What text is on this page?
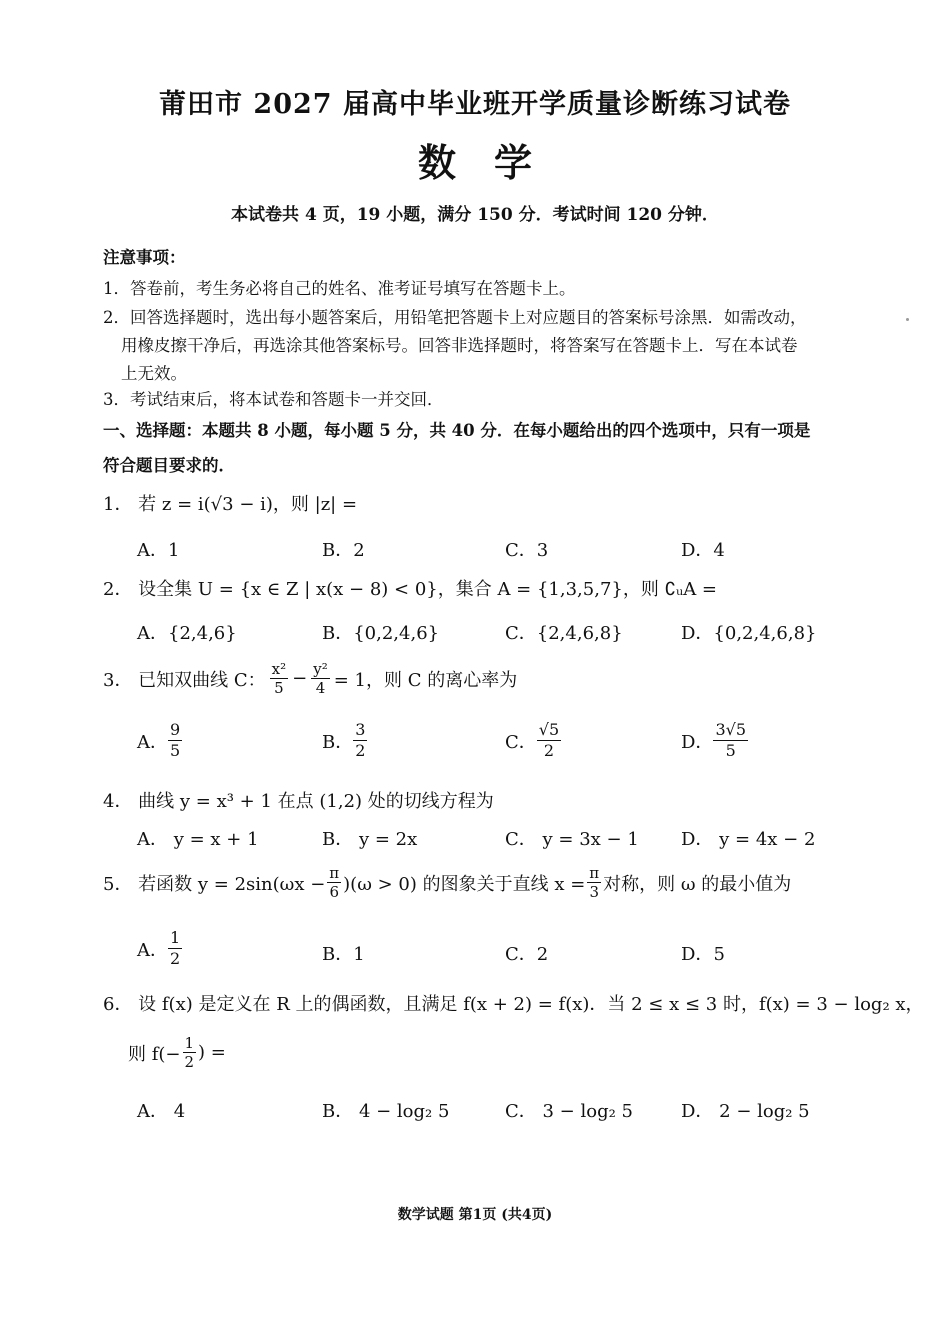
莆田市 2027 届高中毕业班开学质量诊断练习试卷
数学
本试卷共 4 页，19 小题，满分 150 分．考试时间 120 分钟．
注意事项：
1．答卷前，考生务必将自己的姓名、准考证号填写在答题卡上。
2．回答选择题时，选出每小题答案后，用铅笔把答题卡上对应题目的答案标号涂黑．如需改动，
用橡皮擦干净后，再选涂其他答案标号。回答非选择题时，将答案写在答题卡上．写在本试卷
上无效。
3．考试结束后，将本试卷和答题卡一并交回．
一、选择题：本题共 8 小题，每小题 5 分，共 40 分．在每小题给出的四个选项中，只有一项是
符合题目要求的．
1． 若 z = i(√3 − i)，则 |z| =
A．1	B．2	C．3	D．4
2． 设全集 U = {x ∈ Z | x(x − 8) < 0}，集合 A = {1,3,5,7}，则 ∁ᵤA =
A．{2,4,6}	B．{0,2,4,6}	C．{2,4,6,8}	D．{0,2,4,6,8}
3． 已知双曲线 C： $\frac{\text{x²}}{5} - \frac{\text{y²}}{4} = 1$，则 C 的离心率为
A． $\frac{9}{5}$	B． $\frac{3}{2}$	C． $\frac{√5}{2}$	D． $\frac{3√5}{5}$
4． 曲线 y = x³ + 1 在点 (1,2) 处的切线方程为
A． y = x + 1	B． y = 2x	C． y = 3x − 1 D． y = 4x − 2
5． 若函数 $y = 2\sin(\omega x - \frac{\pi}{6} )(\omega > 0)$ 的图象关于直线 $x = \frac{\pi}{3}$ 对称，则 ω 的最小值为
A． $\frac{1}{2}$	B．1	C．2	D．5
6． 设 f(x) 是定义在 R 上的偶函数，且满足 f(x + 2) = f(x)．当 2 ≤ x ≤ 3 时，f(x) = 3 − log₂ x，
则 $f(- \frac{1}{2}$ ) =
A． 4	B． 4 − log₂ 5	C． 3 − log₂ 5	D． 2 − log₂ 5
数学试题 第1页 (共4页)
